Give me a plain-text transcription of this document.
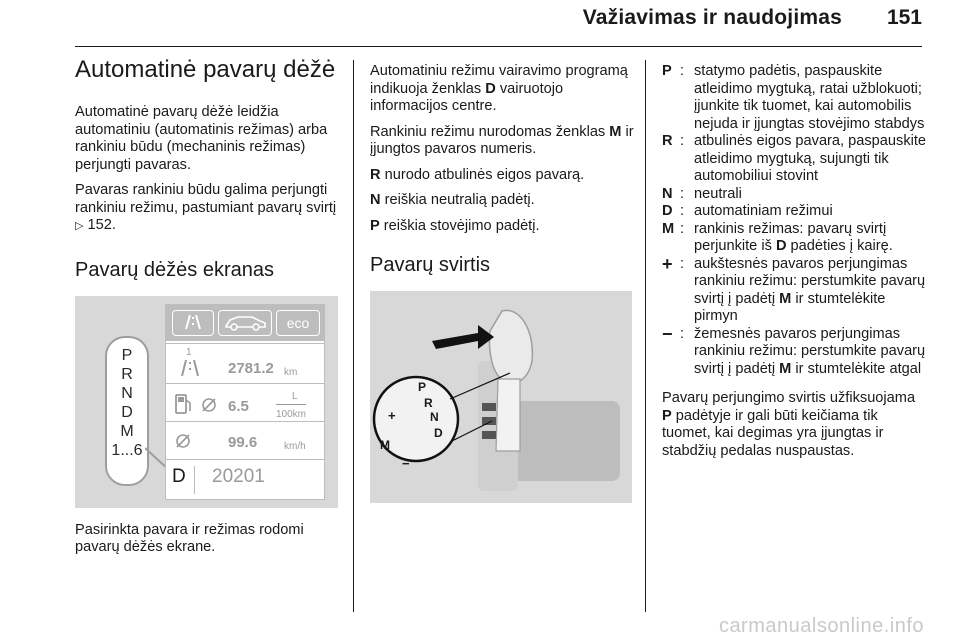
Važiavimas ir naudojimas 151
Automatinė pavarų dėžė

Automatinė pavarų dėžė leidžia automatiniu (automatinis režimas) arba rankiniu būdu (mechaninis režimas) perjungti pavaras.

Pavaras rankiniu būdu galima perjungti rankiniu režimu, pastumiant pavarų svirtį ▷ 152.

Pavarų dėžės ekranas
P
R
N
D
M
1...6
eco
1
2781.2 km
6.5
L
100km
99.6	km/h
D 20201

Pasirinkta pavara ir režimas rodomi pavarų dėžės ekrane.

Automatiniu režimu vairavimo programą indikuoja ženklas D vairuotojo informacijos centre.

Rankiniu režimu nurodomas ženklas M ir įjungtos pavaros numeris.

R nurodo atbulinės eigos pavarą.

N reiškia neutralią padėtį.

P reiškia stovėjimo padėtį.

Pavarų svirtis
P
R
N
D
M
+
−
P : statymo padėtis, paspauskite atleidimo mygtuką, ratai užblokuoti; įjunkite tik tuomet, kai automobilis nejuda ir įjungtas stovėjimo stabdys
R : atbulinės eigos pavara, paspauskite atleidimo mygtuką, sujungti tik automobiliui stovint
N : neutrali
D : automatiniam režimui
M : rankinis režimas: pavarų svirtį perjunkite iš D padėties į kairę.
+ : aukštesnės pavaros perjungimas rankiniu režimu: perstumkite pavarų svirtį į padėtį M ir stumtelėkite pirmyn
− : žemesnės pavaros perjungimas rankiniu režimu: perstumkite pavarų svirtį į padėtį M ir stumtelėkite atgal

Pavarų perjungimo svirtis užfiksuojama P padėtyje ir gali būti keičiama tik tuomet, kai degimas yra įjungtas ir stabdžių pedalas nuspaustas.

carmanualsonline.info
